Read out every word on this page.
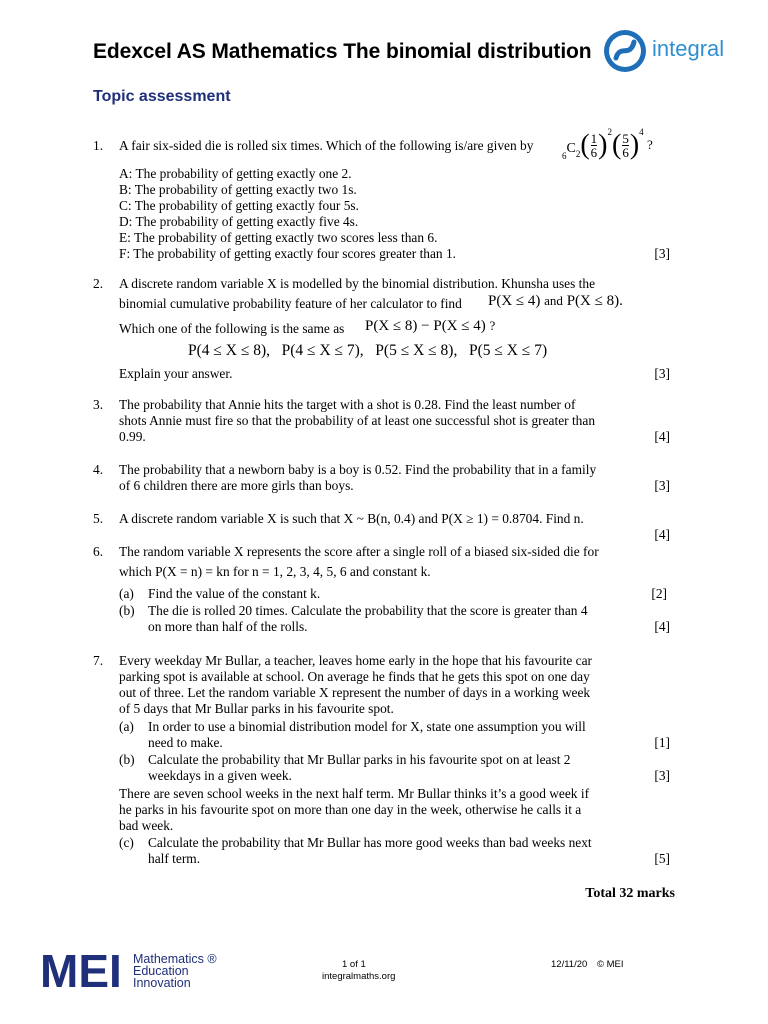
Edexcel AS Mathematics The binomial distribution	integral
Topic assessment
1. A fair six-sided die is rolled six times. Which of the following is/are given by
$_6C_2( \frac{1}{6} )^2( \frac{5}{6} )^4$ ?
A: The probability of getting exactly one 2.
B: The probability of getting exactly two 1s.
C: The probability of getting exactly four 5s.
D: The probability of getting exactly five 4s.
E: The probability of getting exactly two scores less than 6.
F: The probability of getting exactly four scores greater than 1.	[3]
2. A discrete random variable X is modelled by the binomial distribution. Khunsha uses the
binomial cumulative probability feature of her calculator to find	P(X ≤ 4) and P(X ≤ 8).
Which one of the following is the same as	P(X ≤ 8) − P(X ≤ 4) ?
P(4 ≤ X ≤ 8),   P(4 ≤ X ≤ 7),   P(5 ≤ X ≤ 8),   P(5 ≤ X ≤ 7)
Explain your answer.	[3]
3. The probability that Annie hits the target with a shot is 0.28. Find the least number of
shots Annie must fire so that the probability of at least one successful shot is greater than
0.99.	[4]
4. The probability that a newborn baby is a boy is 0.52. Find the probability that in a family
of 6 children there are more girls than boys.	[3]
5. A discrete random variable X is such that X ~ B(n, 0.4) and P(X ≥ 1) = 0.8704. Find n.
[4]
6. The random variable X represents the score after a single roll of a biased six-sided die for
which P(X = n) = kn for n = 1, 2, 3, 4, 5, 6 and constant k.
(a) Find the value of the constant k.	[2]
(b) The die is rolled 20 times. Calculate the probability that the score is greater than 4
on more than half of the rolls.	[4]
7. Every weekday Mr Bullar, a teacher, leaves home early in the hope that his favourite car
parking spot is available at school. On average he finds that he gets this spot on one day
out of three. Let the random variable X represent the number of days in a working week
of 5 days that Mr Bullar parks in his favourite spot.
(a) In order to use a binomial distribution model for X, state one assumption you will
need to make.	[1]
(b) Calculate the probability that Mr Bullar parks in his favourite spot on at least 2
weekdays in a given week.	[3]
There are seven school weeks in the next half term. Mr Bullar thinks it’s a good week if
he parks in his favourite spot on more than one day in the week, otherwise he calls it a
bad week.
(c) Calculate the probability that Mr Bullar has more good weeks than bad weeks next
half term.	[5]
Total 32 marks
MEI Mathematics ®
Education
Innovation
1 of 1
integralmaths.org
12/11/20 © MEI
